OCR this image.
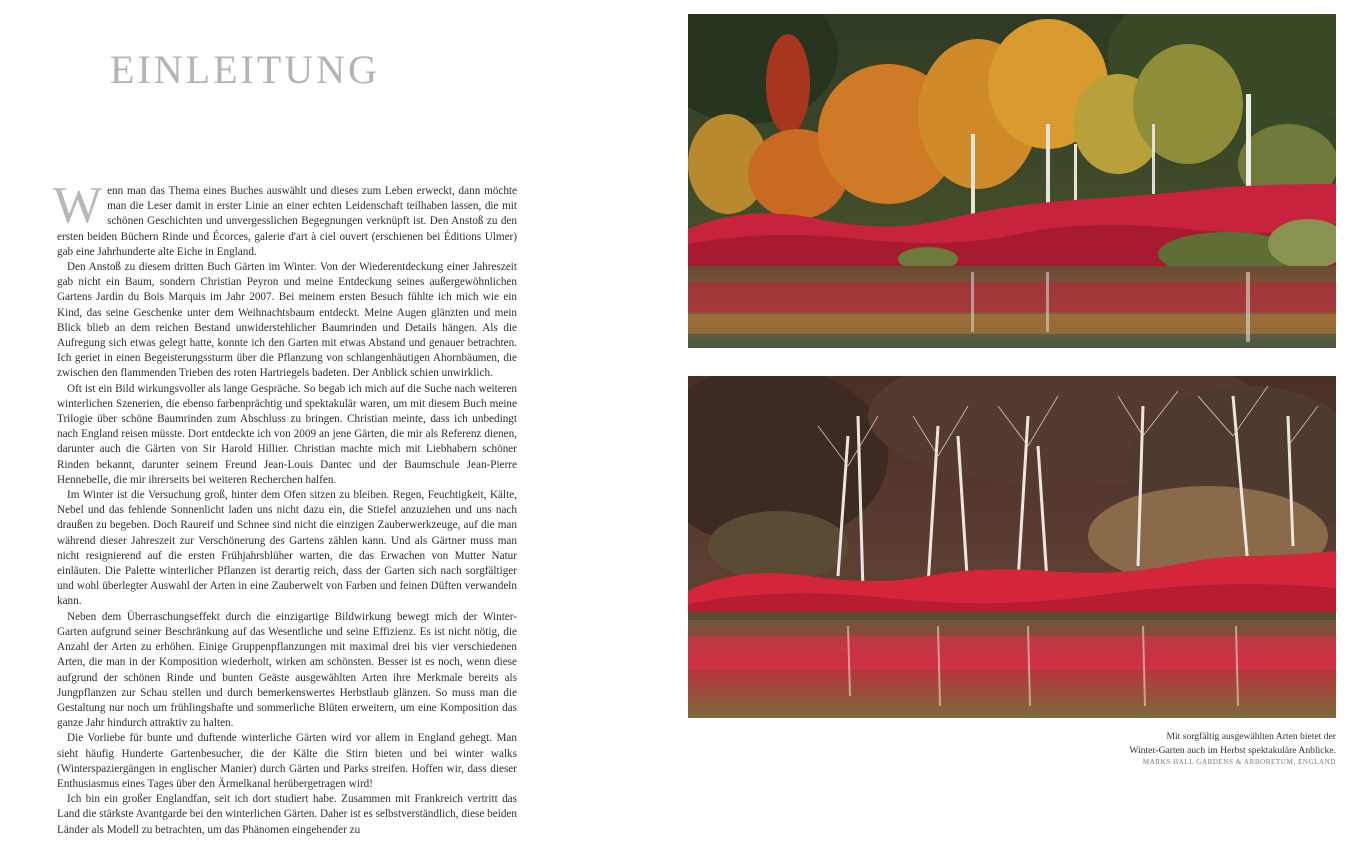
EINLEITUNG

Wenn man das Thema eines Buches auswählt und dieses zum Leben erweckt, dann möchte man die Leser damit in erster Linie an einer echten Leidenschaft teilhaben lassen, die mit schönen Geschichten und unvergesslichen Begegnungen verknüpft ist. Den Anstoß zu den ersten beiden Büchern Rinde und Écorces, galerie d'art à ciel ouvert (erschienen bei Éditions Ulmer) gab eine Jahrhunderte alte Eiche in England.

Den Anstoß zu diesem dritten Buch Gärten im Winter. Von der Wiederentdeckung einer Jahreszeit gab nicht ein Baum, sondern Christian Peyron und meine Entdeckung seines außergewöhnlichen Gartens Jardin du Bois Marquis im Jahr 2007. Bei meinem ersten Besuch fühlte ich mich wie ein Kind, das seine Geschenke unter dem Weihnachtsbaum entdeckt. Meine Augen glänzten und mein Blick blieb an dem reichen Bestand unwiderstehlicher Baumrinden und Details hängen. Als die Aufregung sich etwas gelegt hatte, konnte ich den Garten mit etwas Abstand und genauer betrachten. Ich geriet in einen Begeisterungssturm über die Pflanzung von schlangenhäutigen Ahornbäumen, die zwischen den flammenden Trieben des roten Hartriegels badeten. Der Anblick schien unwirklich.

Oft ist ein Bild wirkungsvoller als lange Gespräche. So begab ich mich auf die Suche nach weiteren winterlichen Szenerien, die ebenso farbenprächtig und spektakulär waren, um mit diesem Buch meine Trilogie über schöne Baumrinden zum Abschluss zu bringen. Christian meinte, dass ich unbedingt nach England reisen müsste. Dort entdeckte ich von 2009 an jene Gärten, die mir als Referenz dienen, darunter auch die Gärten von Sir Harold Hillier. Christian machte mich mit Liebhabern schöner Rinden bekannt, darunter seinem Freund Jean-Louis Dantec und der Baumschule Jean-Pierre Hennebelle, die mir ihrerseits bei weiteren Recherchen halfen.

Im Winter ist die Versuchung groß, hinter dem Ofen sitzen zu bleiben. Regen, Feuchtigkeit, Kälte, Nebel und das fehlende Sonnenlicht laden uns nicht dazu ein, die Stiefel anzuziehen und uns nach draußen zu begeben. Doch Raureif und Schnee sind nicht die einzigen Zauberwerkzeuge, auf die man während dieser Jahreszeit zur Verschönerung des Gartens zählen kann. Und als Gärtner muss man nicht resignierend auf die ersten Frühjahrsblüher warten, die das Erwachen von Mutter Natur einläuten. Die Palette winterlicher Pflanzen ist derartig reich, dass der Garten sich nach sorgfältiger und wohl überlegter Auswahl der Arten in eine Zauberwelt von Farben und feinen Düften verwandeln kann.

Neben dem Überraschungseffekt durch die einzigartige Bildwirkung bewegt mich der Winter-Garten aufgrund seiner Beschränkung auf das Wesentliche und seine Effizienz. Es ist nicht nötig, die Anzahl der Arten zu erhöhen. Einige Gruppenpflanzungen mit maximal drei bis vier verschiedenen Arten, die man in der Komposition wiederholt, wirken am schönsten. Besser ist es noch, wenn diese aufgrund der schönen Rinde und bunten Geäste ausgewählten Arten ihre Merkmale bereits als Jungpflanzen zur Schau stellen und durch bemerkenswertes Herbstlaub glänzen. So muss man die Gestaltung nur noch um frühlingshafte und sommerliche Blüten erweitern, um eine Komposition das ganze Jahr hindurch attraktiv zu halten.

Die Vorliebe für bunte und duftende winterliche Gärten wird vor allem in England gehegt. Man sieht häufig Hunderte Gartenbesucher, die der Kälte die Stirn bieten und bei winter walks (Winterspaziergängen in englischer Manier) durch Gärten und Parks streifen. Hoffen wir, dass dieser Enthusiasmus eines Tages über den Ärmelkanal herübergetragen wird!

Ich bin ein großer Englandfan, seit ich dort studiert habe. Zusammen mit Frankreich vertritt das Land die stärkste Avantgarde bei den winterlichen Gärten. Daher ist es selbstverständlich, diese beiden Länder als Modell zu betrachten, um das Phänomen eingehender zu

Mit sorgfältig ausgewählten Arten bietet der
Winter-Garten auch im Herbst spektakuläre Anblicke.
MARKS HALL GARDENS & ARBORETUM, ENGLAND
